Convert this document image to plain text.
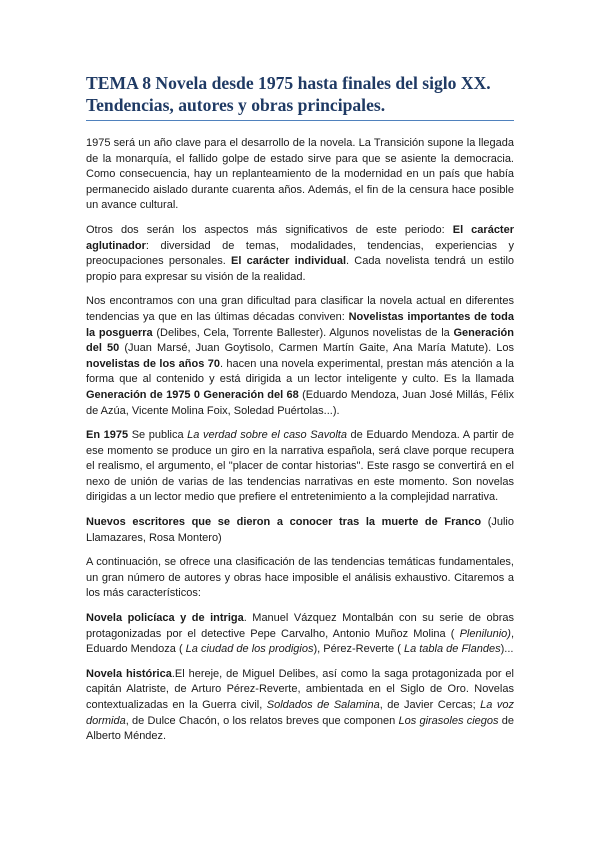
TEMA 8 Novela desde 1975 hasta finales del siglo XX.
Tendencias, autores y obras principales.

1975 será un año clave para el desarrollo de la novela. La Transición supone la llegada de la monarquía, el fallido golpe de estado sirve para que se asiente la democracia. Como consecuencia, hay un replanteamiento de la modernidad en un país que había permanecido aislado durante cuarenta años. Además, el fin de la censura hace posible un avance cultural.

Otros dos serán los aspectos más significativos de este periodo: El carácter aglutinador: diversidad de temas, modalidades, tendencias, experiencias y preocupaciones personales. El carácter individual. Cada novelista tendrá un estilo propio para expresar su visión de la realidad.

Nos encontramos con una gran dificultad para clasificar la novela actual en diferentes tendencias ya que en las últimas décadas conviven: Novelistas importantes de toda la posguerra (Delibes, Cela, Torrente Ballester). Algunos novelistas de la Generación del 50 (Juan Marsé, Juan Goytisolo, Carmen Martín Gaite, Ana María Matute). Los novelistas de los años 70. hacen una novela experimental, prestan más atención a la forma que al contenido y está dirigida a un lector inteligente y culto. Es la llamada Generación de 1975 0 Generación del 68 (Eduardo Mendoza, Juan José Millás, Félix de Azúa, Vicente Molina Foix, Soledad Puértolas...).

En 1975 Se publica La verdad sobre el caso Savolta de Eduardo Mendoza. A partir de ese momento se produce un giro en la narrativa española, será clave porque recupera el realismo, el argumento, el "placer de contar historias". Este rasgo se convertirá en el nexo de unión de varias de las tendencias narrativas en este momento. Son novelas dirigidas a un lector medio que prefiere el entretenimiento a la complejidad narrativa.

Nuevos escritores que se dieron a conocer tras la muerte de Franco (Julio Llamazares, Rosa Montero)

A continuación, se ofrece una clasificación de las tendencias temáticas fundamentales, un gran número de autores y obras hace imposible el análisis exhaustivo. Citaremos a los más característicos:

Novela policíaca y de intriga. Manuel Vázquez Montalbán con su serie de obras protagonizadas por el detective Pepe Carvalho, Antonio Muñoz Molina ( Plenilunio), Eduardo Mendoza ( La ciudad de los prodigios), Pérez-Reverte ( La tabla de Flandes)...

Novela histórica.El hereje, de Miguel Delibes, así como la saga protagonizada por el capitán Alatriste, de Arturo Pérez-Reverte, ambientada en el Siglo de Oro. Novelas contextualizadas en la Guerra civil, Soldados de Salamina, de Javier Cercas; La voz dormida, de Dulce Chacón, o los relatos breves que componen Los girasoles ciegos de Alberto Méndez.
